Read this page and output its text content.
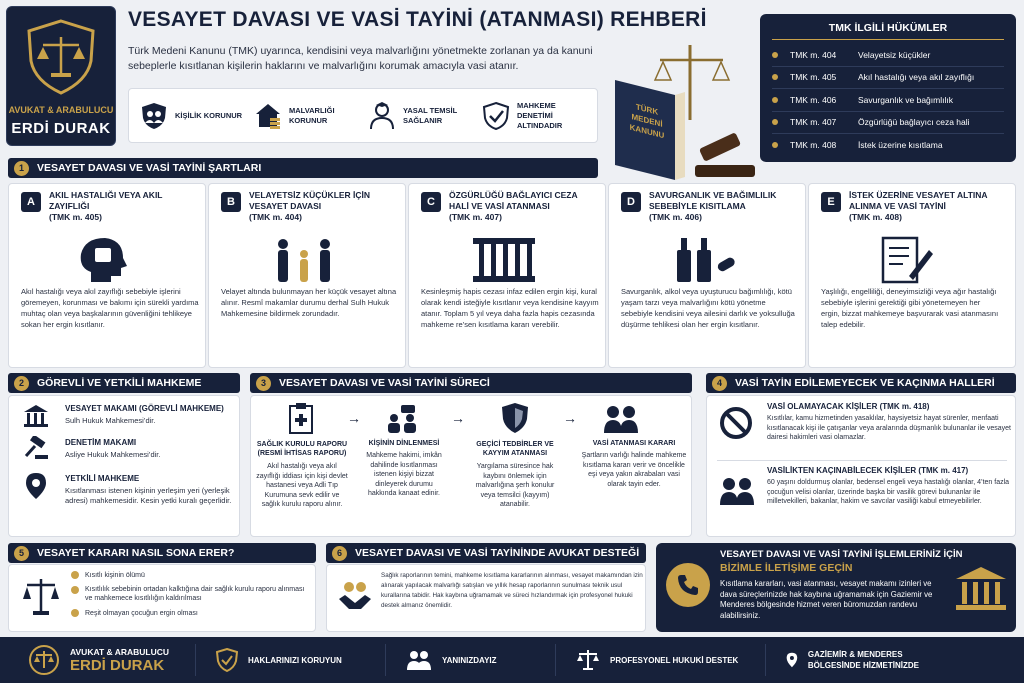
AVUKAT & ARABULUCU
ERDİ DURAK
VESAYET DAVASI VE VASİ TAYİNİ (ATANMASI) REHBERİ
Türk Medeni Kanunu (TMK) uyarınca, kendisini veya malvarlığını yönetmekte zorlanan ya da kanuni sebeplerle kısıtlanan kişilerin haklarını ve malvarlığını korumak amacıyla vasi atanır.
KİŞİLİK KORUNUR
MALVARLIĞI KORUNUR
YASAL TEMSİL SAĞLANIR
MAHKEME DENETİMİ ALTINDADIR
TÜRK MEDENİ KANUNU
TMK İLGİLİ HÜKÜMLER
TMK m. 404	Velayetsiz küçükler
TMK m. 405	Akıl hastalığı veya akıl zayıflığı
TMK m. 406	Savurganlık ve bağımlılık
TMK m. 407	Özgürlüğü bağlayıcı ceza hali
TMK m. 408	İstek üzerine kısıtlama
1	VESAYET DAVASI VE VASİ TAYİNİ ŞARTLARI
A
AKIL HASTALIĞI VEYA AKIL ZAYIFLIĞI
(TMK m. 405)
Akıl hastalığı veya akıl zayıflığı sebebiyle işlerini göremeyen, korunması ve bakımı için sürekli yardıma muhtaç olan veya başkalarının güvenliğini tehlikeye sokan her ergin kısıtlanır.
B
VELAYETSİZ KÜÇÜKLER İÇİN VESAYET DAVASI
(TMK m. 404)
Velayet altında bulunmayan her küçük vesayet altına alınır. Resmî makamlar durumu derhal Sulh Hukuk Mahkemesine bildirmek zorundadır.
C
ÖZGÜRLÜĞÜ BAĞLAYICI CEZA HALİ VE VASİ ATANMASI
(TMK m. 407)
Kesinleşmiş hapis cezası infaz edilen ergin kişi, kural olarak kendi isteğiyle kısıtlanır veya kendisine kayyım atanır. Toplam 5 yıl veya daha fazla hapis cezasında mahkeme re’sen kısıtlama kararı verebilir.
D
SAVURGANLIK VE BAĞIMLILIK SEBEBİYLE KISITLAMA
(TMK m. 406)
Savurganlık, alkol veya uyuşturucu bağımlılığı, kötü yaşam tarzı veya malvarlığını kötü yönetme sebebiyle kendisini veya ailesini darlık ve yoksulluğa düşürme tehlikesi olan her ergin kısıtlanır.
E
İSTEK ÜZERİNE VESAYET ALTINA ALINMA VE VASİ TAYİNİ
(TMK m. 408)
Yaşlılığı, engelliliği, deneyimsizliği veya ağır hastalığı sebebiyle işlerini gerektiği gibi yönetemeyen her ergin, bizzat mahkemeye başvurarak vasi atanmasını talep edebilir.
2	GÖREVLİ VE YETKİLİ MAHKEME
VESAYET MAKAMI (GÖREVLİ MAHKEME)
Sulh Hukuk Mahkemesi’dir.
DENETİM MAKAMI
Asliye Hukuk Mahkemesi’dir.
YETKİLİ MAHKEME
Kısıtlanması istenen kişinin yerleşim yeri (yerleşik adresi) mahkemesidir. Kesin yetki kuralı geçerlidir.
3	VESAYET DAVASI VE VASİ TAYİNİ SÜRECİ
SAĞLIK KURULU RAPORU (RESMİ İHTİSAS RAPORU)
Akıl hastalığı veya akıl zayıflığı iddiası için kişi devlet hastanesi veya Adli Tıp Kurumuna sevk edilir ve sağlık kurulu raporu alınır.
→
KİŞİNİN DİNLENMESİ
Mahkeme hakimi, imkân dahilinde kısıtlanması istenen kişiyi bizzat dinleyerek durumu hakkında kanaat edinir.
→
GEÇİCİ TEDBİRLER VE KAYYIM ATANMASI
Yargılama süresince hak kaybını önlemek için malvarlığına şerh konulur veya temsilci (kayyım) atanabilir.
→
VASİ ATANMASI KARARI
Şartların varlığı halinde mahkeme kısıtlama kararı verir ve öncelikle eşi veya yakın akrabaları vasi olarak tayin eder.
4	VASİ TAYİN EDİLEMEYECEK VE KAÇINMA HALLERİ
VASİ OLAMAYACAK KİŞİLER (TMK m. 418)
Kısıtlılar, kamu hizmetinden yasaklılar, haysiyetsiz hayat sürenler, menfaati kısıtlanacak kişi ile çatışanlar veya aralarında düşmanlık bulunanlar ile vesayet dairesi hakimleri vasi olamazlar.
VASİLİKTEN KAÇINABİLECEK KİŞİLER (TMK m. 417)
60 yaşını doldurmuş olanlar, bedensel engeli veya hastalığı olanlar, 4’ten fazla çocuğun velisi olanlar, üzerinde başka bir vasilik görevi bulunanlar ile milletvekilleri, bakanlar, hakim ve savcılar vasiliği kabul etmeyebilirler.
5	VESAYET KARARI NASIL SONA ERER?
Kısıtlı kişinin ölümü
Kısıtlılık sebebinin ortadan kalktığına dair sağlık kurulu raporu alınması ve mahkemece kısıtlılığın kaldırılması
Reşit olmayan çocuğun ergin olması
6	VESAYET DAVASI VE VASİ TAYİNİNDE AVUKAT DESTEĞİ
Sağlık raporlarının temini, mahkeme kısıtlama kararlarının alınması, vesayet makamından izin alınarak yapılacak malvarlığı satışları ve yıllık hesap raporlarının sunulması teknik usul kurallarına tabidir. Hak kaybına uğramamak ve süreci hızlandırmak için profesyonel hukuki destek almanız önemlidir.
VESAYET DAVASI VE VASİ TAYİNİ İŞLEMLERİNİZ İÇİN
BİZİMLE İLETİŞİME GEÇİN
Kısıtlama kararları, vasi atanması, vesayet makamı izinleri ve dava süreçlerinizde hak kaybına uğramamak için Gaziemir ve Menderes bölgesinde hizmet veren büromuzdan randevu alabilirsiniz.
AVUKAT & ARABULUCU
ERDİ DURAK	HAKLARINIZI KORUYUN	YANINIZDAYIZ	PROFESYONEL HUKUKİ DESTEK
GAZİEMİR & MENDERES BÖLGESİNDE HİZMETİNİZDE
